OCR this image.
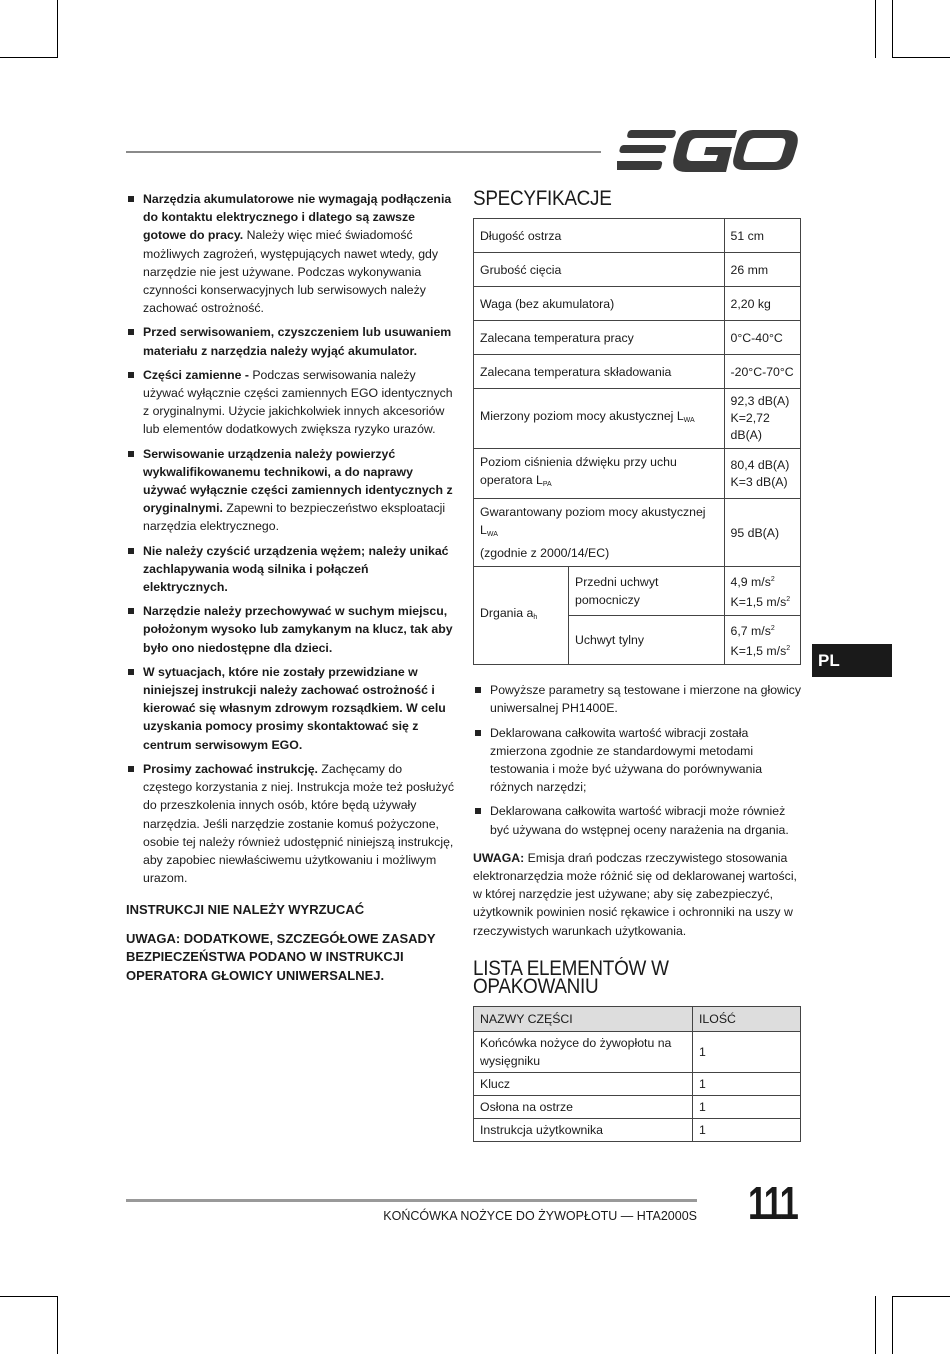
Narzędzia akumulatorowe nie wymagają podłączenia do kontaktu elektrycznego i dlatego są zawsze gotowe do pracy. Należy więc mieć świadomość możliwych zagrożeń, występujących nawet wtedy, gdy narzędzie nie jest używane. Podczas wykonywania czynności konserwacyjnych lub serwisowych należy zachować ostrożność.
Przed serwisowaniem, czyszczeniem lub usuwaniem materiału z narzędzia należy wyjąć akumulator.
Części zamienne - Podczas serwisowania należy używać wyłącznie części zamiennych EGO identycznych z oryginalnymi. Użycie jakichkolwiek innych akcesoriów lub elementów dodatkowych zwiększa ryzyko urazów.
Serwisowanie urządzenia należy powierzyć wykwalifikowanemu technikowi, a do naprawy używać wyłącznie części zamiennych identycznych z oryginalnymi. Zapewni to bezpieczeństwo eksploatacji narzędzia elektrycznego.
Nie należy czyścić urządzenia wężem; należy unikać zachlapywania wodą silnika i połączeń elektrycznych.
Narzędzie należy przechowywać w suchym miejscu, położonym wysoko lub zamykanym na klucz, tak aby było ono niedostępne dla dzieci.
W sytuacjach, które nie zostały przewidziane w niniejszej instrukcji należy zachować ostrożność i kierować się własnym zdrowym rozsądkiem. W celu uzyskania pomocy prosimy skontaktować się z centrum serwisowym EGO.
Prosimy zachować instrukcję. Zachęcamy do częstego korzystania z niej. Instrukcja może też posłużyć do przeszkolenia innych osób, które będą używały narzędzia. Jeśli narzędzie zostanie komuś pożyczone, osobie tej należy również udostępnić niniejszą instrukcję, aby zapobiec niewłaściwemu użytkowaniu i możliwym urazom.
INSTRUKCJI NIE NALEŻY WYRZUCAĆ
UWAGA: DODATKOWE, SZCZEGÓŁOWE ZASADY BEZPIECZEŃSTWA PODANO W INSTRUKCJI OPERATORA GŁOWICY UNIWERSALNEJ.
SPECYFIKACJE
Długość ostrza		51 cm
Grubość cięcia		26 mm
Waga (bez akumulatora)		2,20 kg
Zalecana temperatura pracy		0°C-40°C
Zalecana temperatura składowania		-20°C-70°C
Mierzony poziom mocy akustycznej $L_{WA}$		92,3 dB(A)
K=2,72 dB(A)
Poziom ciśnienia dźwięku przy uchu operatora $L_{PA}$		80,4 dB(A)
K=3 dB(A)
Gwarantowany poziom mocy akustycznej $L_{WA}$
(zgodnie z 2000/14/EC)		95 dB(A)
Drgania $a_h$	Przedni uchwyt pomocniczy	4,9 $m/s^2$
K=1,5 $m/s^2$
	Uchwyt tylny	6,7 $m/s^2$
K=1,5 $m/s^2$
Powyższe parametry są testowane i mierzone na głowicy uniwersalnej PH1400E.
Deklarowana całkowita wartość wibracji została zmierzona zgodnie ze standardowymi metodami testowania i może być używana do porównywania różnych narzędzi;
Deklarowana całkowita wartość wibracji może również być używana do wstępnej oceny narażenia na drgania.

UWAGA: Emisja drań podczas rzeczywistego stosowania elektronarzędzia może różnić się od deklarowanej wartości, w której narzędzie jest używane; aby się zabezpieczyć, użytkownik powinien nosić rękawice i ochronniki na uszy w rzeczywistych warunkach użytkowania.

LISTA ELEMENTÓW W OPAKOWANIU
NAZWY CZĘŚCI	ILOŚĆ
Końcówka nożyce do żywopłotu na wysięgniku	1
Klucz	1
Osłona na ostrze	1
Instrukcja użytkownika	1
PL
KOŃCÓWKA NOŻYCE DO ŻYWOPŁOTU — HTA2000S 111
